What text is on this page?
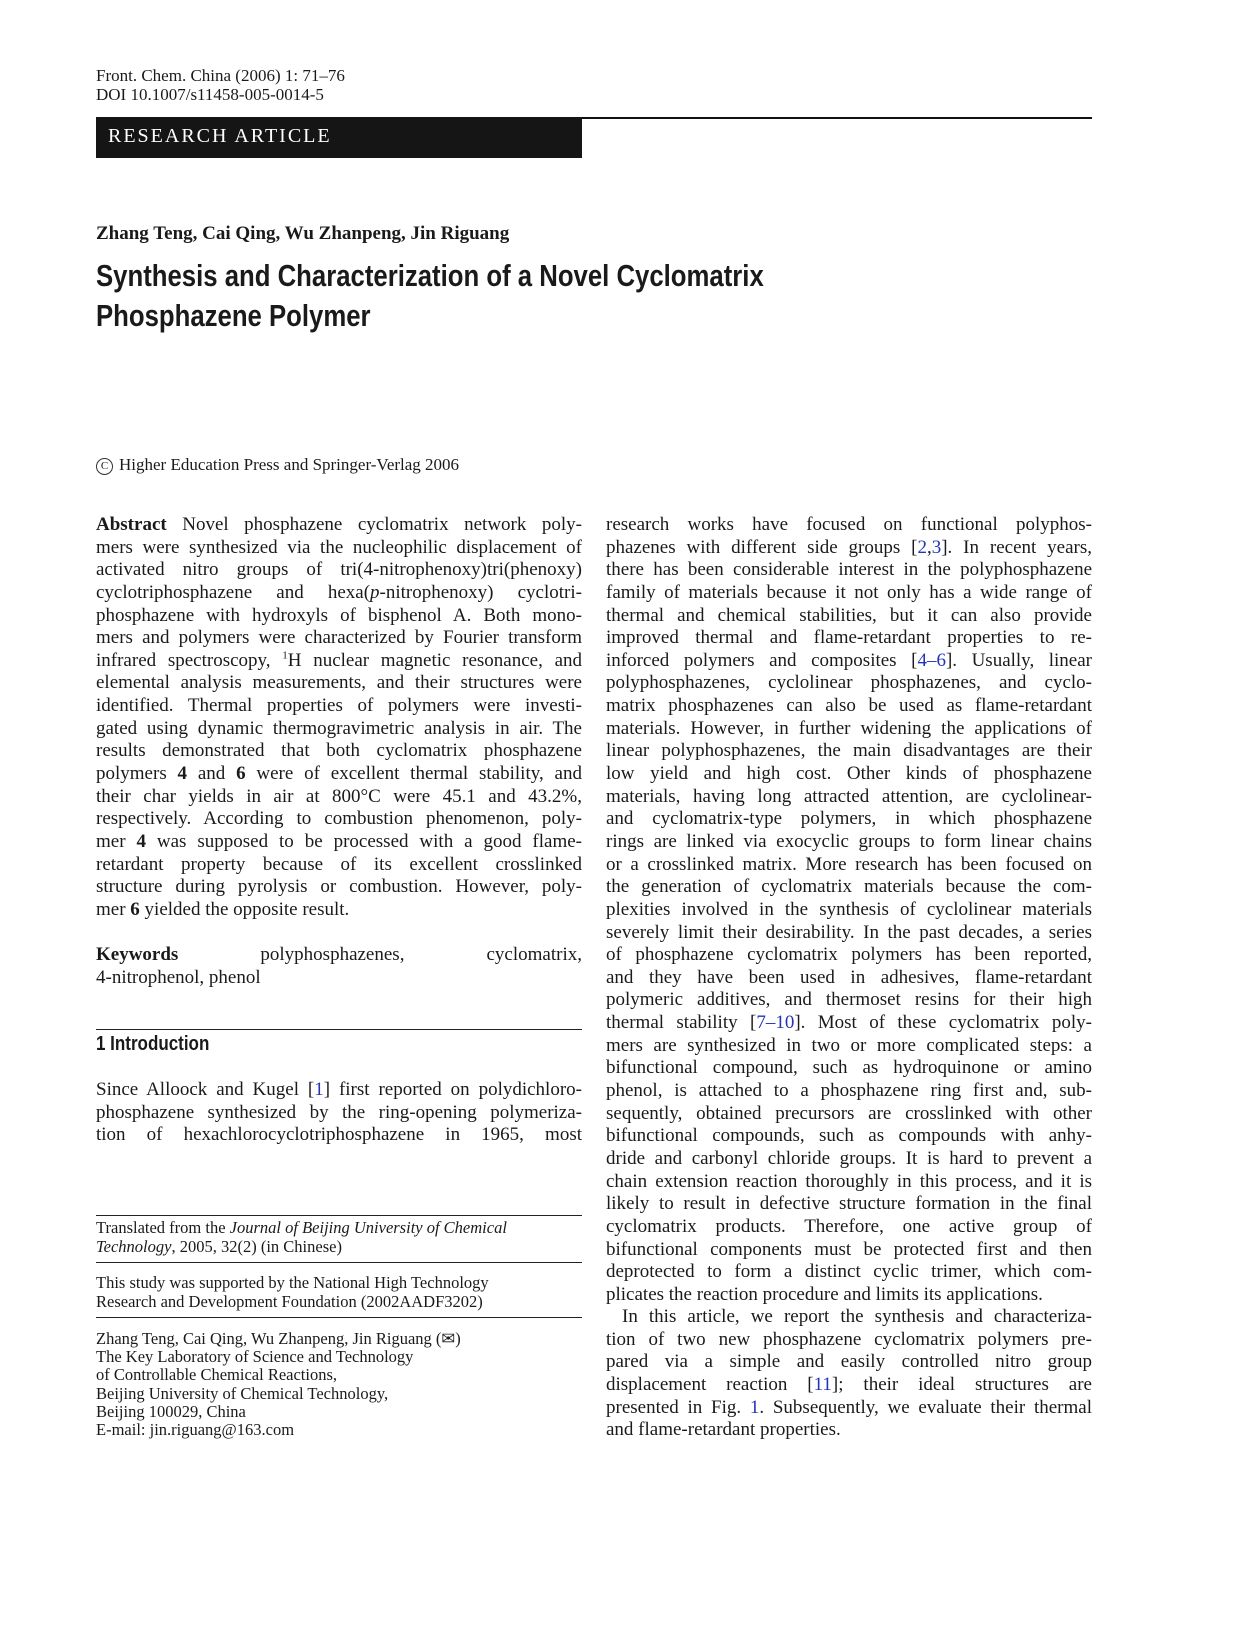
Front. Chem. China (2006) 1: 71–76
DOI 10.1007/s11458-005-0014-5
RESEARCH ARTICLE
Zhang Teng, Cai Qing, Wu Zhanpeng, Jin Riguang
Synthesis and Characterization of a Novel Cyclomatrix
Phosphazene Polymer
C Higher Education Press and Springer-Verlag 2006
Abstract Novel phosphazene cyclomatrix network poly-
mers were synthesized via the nucleophilic displacement of
activated nitro groups of tri(4-nitrophenoxy)tri(phenoxy)
cyclotriphosphazene and hexa(p-nitrophenoxy) cyclotri-
phosphazene with hydroxyls of bisphenol A. Both mono-
mers and polymers were characterized by Fourier transform
infrared spectroscopy, $^1$H nuclear magnetic resonance, and
elemental analysis measurements, and their structures were
identified. Thermal properties of polymers were investi-
gated using dynamic thermogravimetric analysis in air. The
results demonstrated that both cyclomatrix phosphazene
polymers 4 and 6 were of excellent thermal stability, and
their char yields in air at 800°C were 45.1 and 43.2%,
respectively. According to combustion phenomenon, poly-
mer 4 was supposed to be processed with a good flame-
retardant property because of its excellent crosslinked
structure during pyrolysis or combustion. However, poly-
mer 6 yielded the opposite result.
Keywords polyphosphazenes, cyclomatrix,
4-nitrophenol, phenol
1 Introduction
Since Alloock and Kugel [1] first reported on polydichloro-
phosphazene synthesized by the ring-opening polymeriza-
tion of hexachlorocyclotriphosphazene in 1965, most
research works have focused on functional polyphos-
phazenes with different side groups [2,3]. In recent years,
there has been considerable interest in the polyphosphazene
family of materials because it not only has a wide range of
thermal and chemical stabilities, but it can also provide
improved thermal and flame-retardant properties to re-
inforced polymers and composites [4–6]. Usually, linear
polyphosphazenes, cyclolinear phosphazenes, and cyclo-
matrix phosphazenes can also be used as flame-retardant
materials. However, in further widening the applications of
linear polyphosphazenes, the main disadvantages are their
low yield and high cost. Other kinds of phosphazene
materials, having long attracted attention, are cyclolinear-
and cyclomatrix-type polymers, in which phosphazene
rings are linked via exocyclic groups to form linear chains
or a crosslinked matrix. More research has been focused on
the generation of cyclomatrix materials because the com-
plexities involved in the synthesis of cyclolinear materials
severely limit their desirability. In the past decades, a series
of phosphazene cyclomatrix polymers has been reported,
and they have been used in adhesives, flame-retardant
polymeric additives, and thermoset resins for their high
thermal stability [7–10]. Most of these cyclomatrix poly-
mers are synthesized in two or more complicated steps: a
bifunctional compound, such as hydroquinone or amino
phenol, is attached to a phosphazene ring first and, sub-
sequently, obtained precursors are crosslinked with other
bifunctional compounds, such as compounds with anhy-
dride and carbonyl chloride groups. It is hard to prevent a
chain extension reaction thoroughly in this process, and it is
likely to result in defective structure formation in the final
cyclomatrix products. Therefore, one active group of
bifunctional components must be protected first and then
deprotected to form a distinct cyclic trimer, which com-
plicates the reaction procedure and limits its applications.
In this article, we report the synthesis and characteriza-
tion of two new phosphazene cyclomatrix polymers pre-
pared via a simple and easily controlled nitro group
displacement reaction [11]; their ideal structures are
presented in Fig. 1. Subsequently, we evaluate their thermal
and flame-retardant properties.
Translated from the Journal of Beijing University of Chemical
Technology, 2005, 32(2) (in Chinese)
This study was supported by the National High Technology
Research and Development Foundation (2002AADF3202)
Zhang Teng, Cai Qing, Wu Zhanpeng, Jin Riguang (✉)
The Key Laboratory of Science and Technology
of Controllable Chemical Reactions,
Beijing University of Chemical Technology,
Beijing 100029, China
E-mail: jin.riguang@163.com
